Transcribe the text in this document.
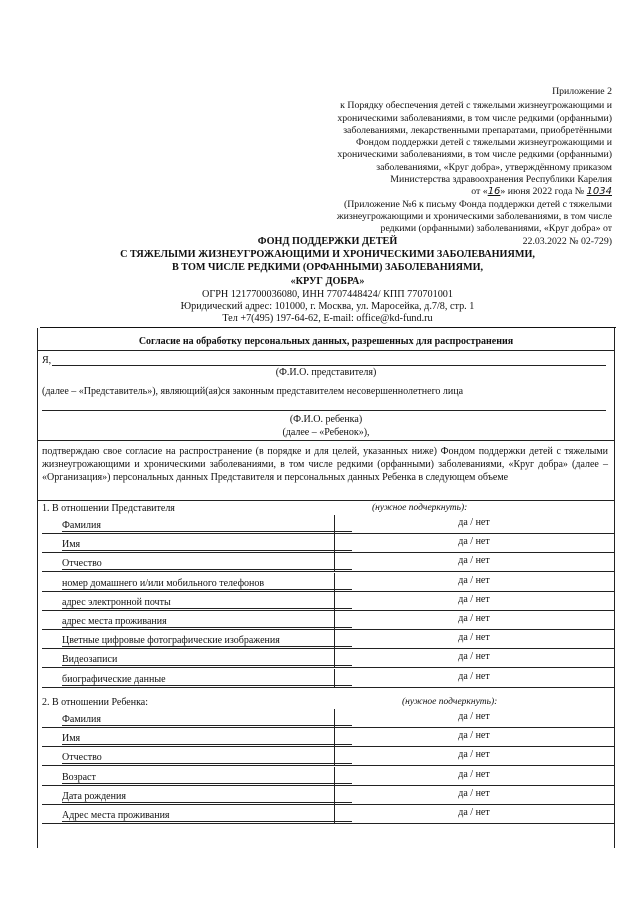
Приложение 2
к Порядку обеспечения детей с тяжелыми жизнеугрожающими и
хроническими заболеваниями, в том числе редкими (орфанными)
заболеваниями, лекарственными препаратами, приобретёнными
Фондом поддержки детей с тяжелыми жизнеугрожающими и
хроническими заболеваниями, в том числе редкими (орфанными)
заболеваниями, «Круг добра», утверждённому приказом
Министерства здравоохранения Республики Карелия
от «16» июня 2022 года № 1034
(Приложение №6 к письму Фонда поддержки детей с тяжелыми
жизнеугрожающими и хроническими заболеваниями, в том числе
редкими (орфанными) заболеваниями, «Круг добра» от
22.03.2022 № 02-729)
ФОНД ПОДДЕРЖКИ ДЕТЕЙ
С ТЯЖЕЛЫМИ ЖИЗНЕУГРОЖАЮЩИМИ И ХРОНИЧЕСКИМИ ЗАБОЛЕВАНИЯМИ,
В ТОМ ЧИСЛЕ РЕДКИМИ (ОРФАННЫМИ) ЗАБОЛЕВАНИЯМИ,
«КРУГ ДОБРА»
ОГРН 1217700036080, ИНН 7707448424/ КПП 770701001
Юридический адрес: 101000, г. Москва, ул. Маросейка, д.7/8, стр. 1
Тел +7(495) 197-64-62, E-mail: office@kd-fund.ru
Согласие на обработку персональных данных, разрешенных для распространения
Я,
(Ф.И.О. представителя)
(далее – «Представитель»), являющий(ая)ся законным представителем несовершеннолетнего лица
(Ф.И.О. ребенка)
(далее – «Ребенок»),
подтверждаю свое согласие на распространение (в порядке и для целей, указанных ниже) Фондом поддержки детей с тяжелыми жизнеугрожающими и хроническими заболеваниями, в том числе редкими (орфанными) заболеваниями, «Круг добра» (далее – «Организация») персональных данных Представителя и персональных данных Ребенка в следующем объеме
1. В отношении Представителя	(нужное подчеркнуть):
Фамилия	да / нет
Имя	да / нет
Отчество	да / нет
номер домашнего и/или мобильного телефонов	да / нет
адрес электронной почты	да / нет
адрес места проживания	да / нет
Цветные цифровые фотографические изображения	да / нет
Видеозаписи	да / нет
биографические данные	да / нет
2. В отношении Ребенка:	(нужное подчеркнуть):
Фамилия	да / нет
Имя	да / нет
Отчество	да / нет
Возраст	да / нет
Дата рождения	да / нет
Адрес места проживания	да / нет
